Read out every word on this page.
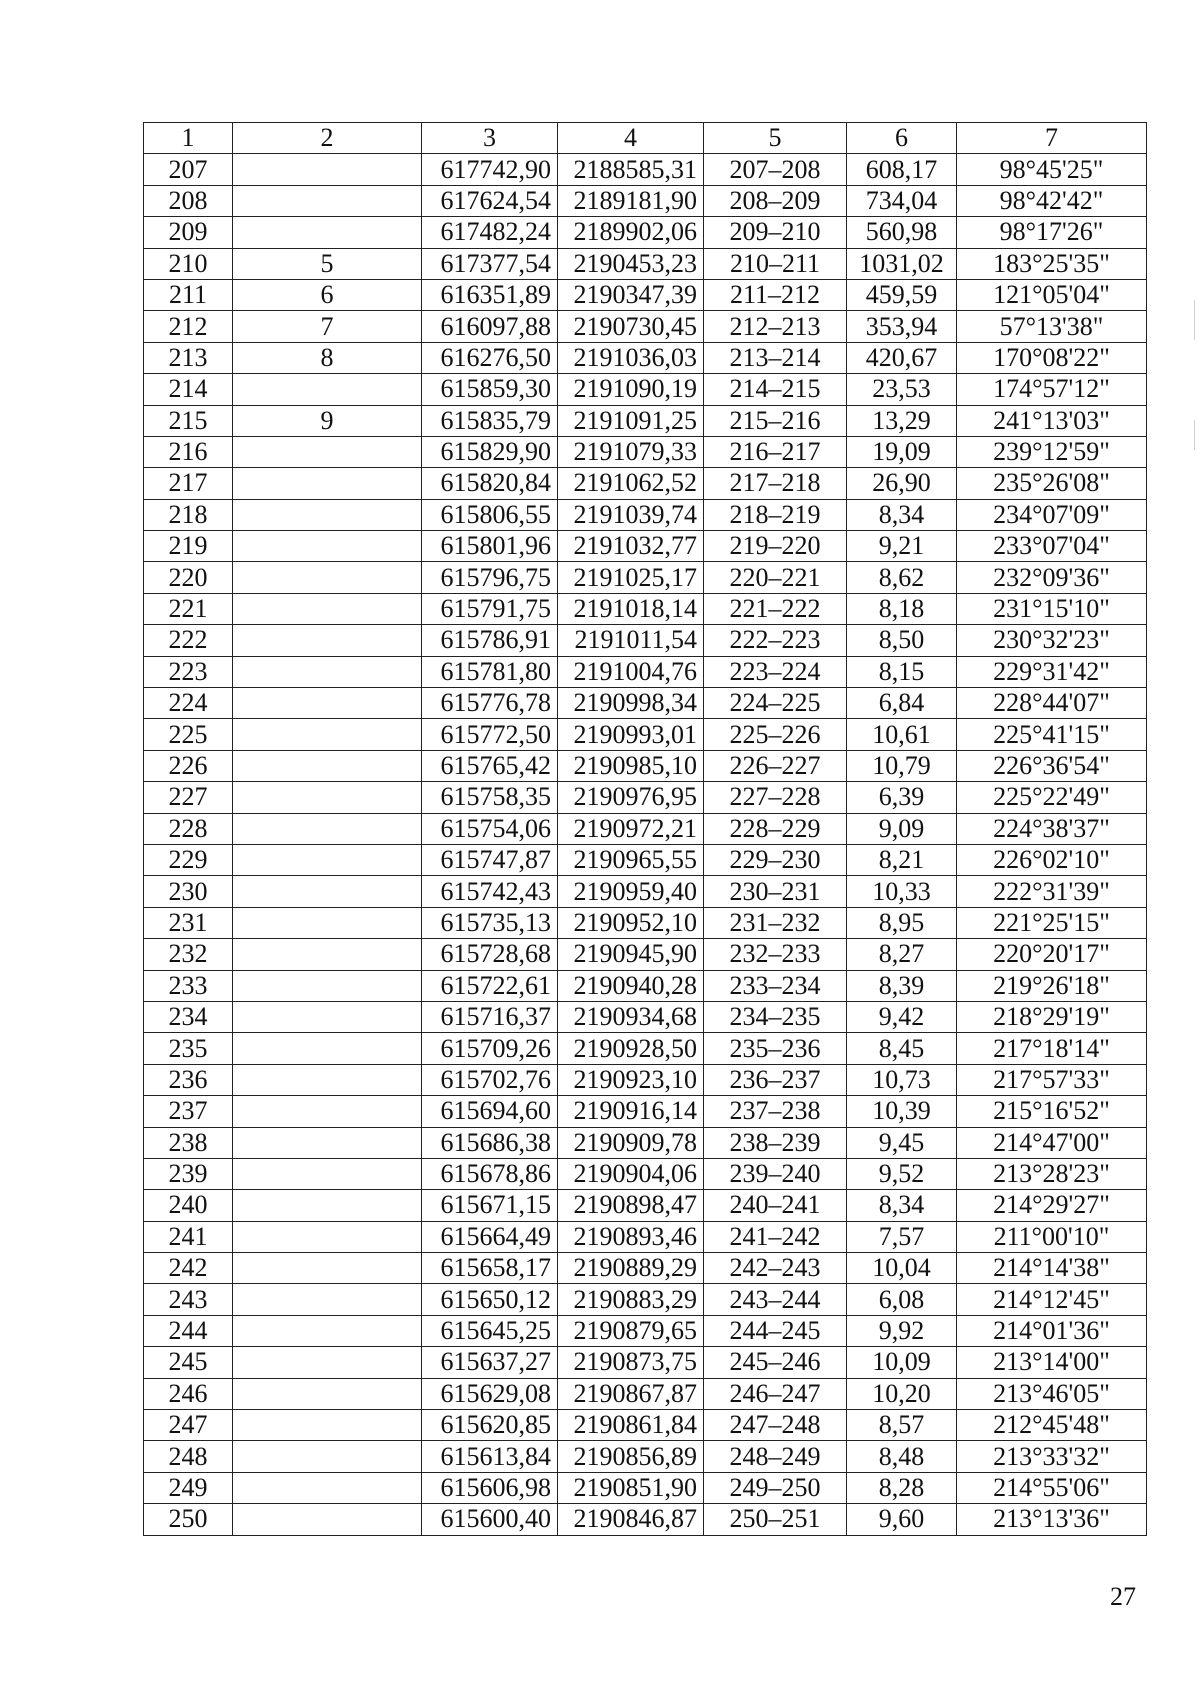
1	2	3	4	5	6	7
207		617742,90	2188585,31	207–208	608,17	98°45'25"
208		617624,54	2189181,90	208–209	734,04	98°42'42"
209		617482,24	2189902,06	209–210	560,98	98°17'26"
210	5	617377,54	2190453,23	210–211	1031,02	183°25'35"
211	6	616351,89	2190347,39	211–212	459,59	121°05'04"
212	7	616097,88	2190730,45	212–213	353,94	57°13'38"
213	8	616276,50	2191036,03	213–214	420,67	170°08'22"
214		615859,30	2191090,19	214–215	23,53	174°57'12"
215	9	615835,79	2191091,25	215–216	13,29	241°13'03"
216		615829,90	2191079,33	216–217	19,09	239°12'59"
217		615820,84	2191062,52	217–218	26,90	235°26'08"
218		615806,55	2191039,74	218–219	8,34	234°07'09"
219		615801,96	2191032,77	219–220	9,21	233°07'04"
220		615796,75	2191025,17	220–221	8,62	232°09'36"
221		615791,75	2191018,14	221–222	8,18	231°15'10"
222		615786,91	2191011,54	222–223	8,50	230°32'23"
223		615781,80	2191004,76	223–224	8,15	229°31'42"
224		615776,78	2190998,34	224–225	6,84	228°44'07"
225		615772,50	2190993,01	225–226	10,61	225°41'15"
226		615765,42	2190985,10	226–227	10,79	226°36'54"
227		615758,35	2190976,95	227–228	6,39	225°22'49"
228		615754,06	2190972,21	228–229	9,09	224°38'37"
229		615747,87	2190965,55	229–230	8,21	226°02'10"
230		615742,43	2190959,40	230–231	10,33	222°31'39"
231		615735,13	2190952,10	231–232	8,95	221°25'15"
232		615728,68	2190945,90	232–233	8,27	220°20'17"
233		615722,61	2190940,28	233–234	8,39	219°26'18"
234		615716,37	2190934,68	234–235	9,42	218°29'19"
235		615709,26	2190928,50	235–236	8,45	217°18'14"
236		615702,76	2190923,10	236–237	10,73	217°57'33"
237		615694,60	2190916,14	237–238	10,39	215°16'52"
238		615686,38	2190909,78	238–239	9,45	214°47'00"
239		615678,86	2190904,06	239–240	9,52	213°28'23"
240		615671,15	2190898,47	240–241	8,34	214°29'27"
241		615664,49	2190893,46	241–242	7,57	211°00'10"
242		615658,17	2190889,29	242–243	10,04	214°14'38"
243		615650,12	2190883,29	243–244	6,08	214°12'45"
244		615645,25	2190879,65	244–245	9,92	214°01'36"
245		615637,27	2190873,75	245–246	10,09	213°14'00"
246		615629,08	2190867,87	246–247	10,20	213°46'05"
247		615620,85	2190861,84	247–248	8,57	212°45'48"
248		615613,84	2190856,89	248–249	8,48	213°33'32"
249		615606,98	2190851,90	249–250	8,28	214°55'06"
250		615600,40	2190846,87	250–251	9,60	213°13'36"
27
